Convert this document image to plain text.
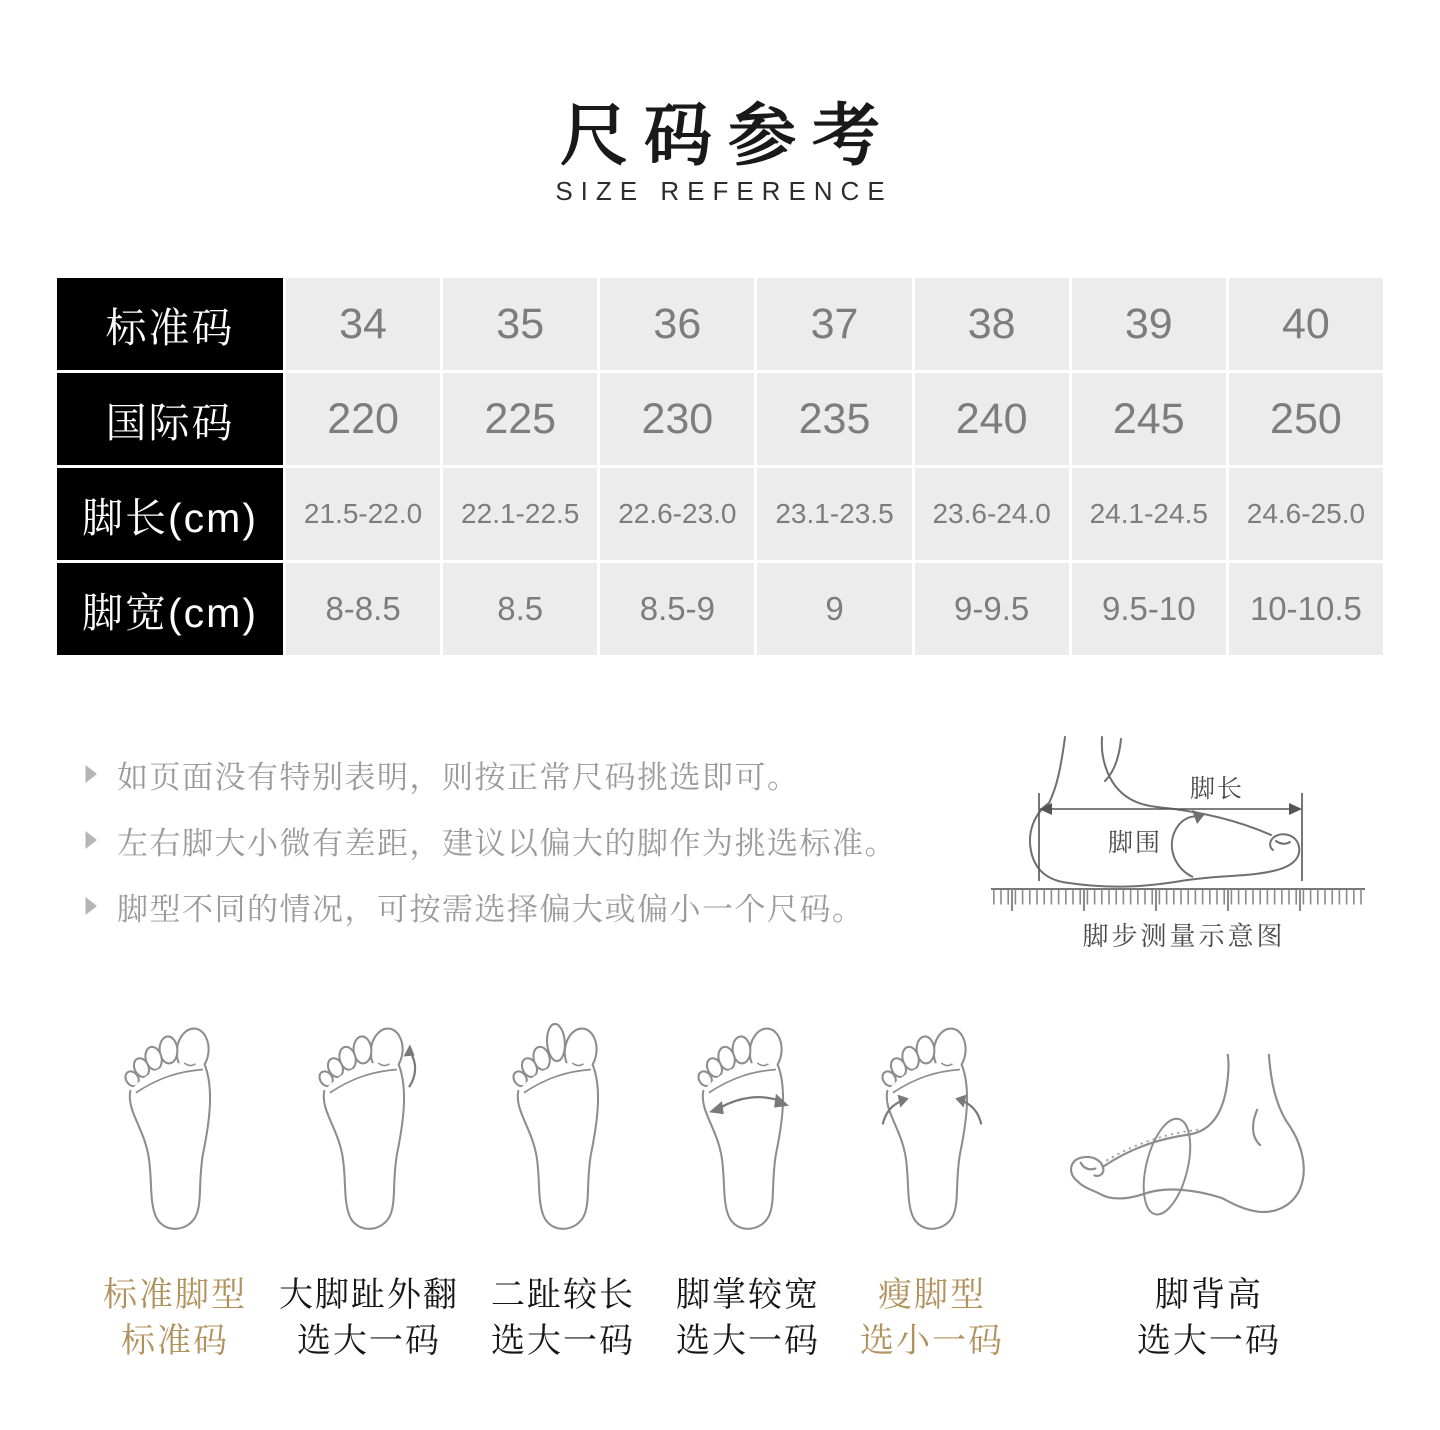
尺码参考
SIZE REFERENCE
标准码	34	35	36	37	38	39	40
国际码	220	225	230	235	240	245	250
脚长(cm)	21.5-22.0	22.1-22.5	22.6-23.0	23.1-23.5	23.6-24.0	24.1-24.5	24.6-25.0
脚宽(cm)	8-8.5	8.5	8.5-9	9	9-9.5	9.5-10	10-10.5
如页面没有特别表明，则按正常尺码挑选即可。
左右脚大小微有差距，建议以偏大的脚作为挑选标准。
脚型不同的情况，可按需选择偏大或偏小一个尺码。
脚长
脚围
脚步测量示意图
标准脚型
标准码
大脚趾外翻
选大一码
二趾较长
选大一码
脚掌较宽
选大一码
瘦脚型
选小一码
脚背高
选大一码
